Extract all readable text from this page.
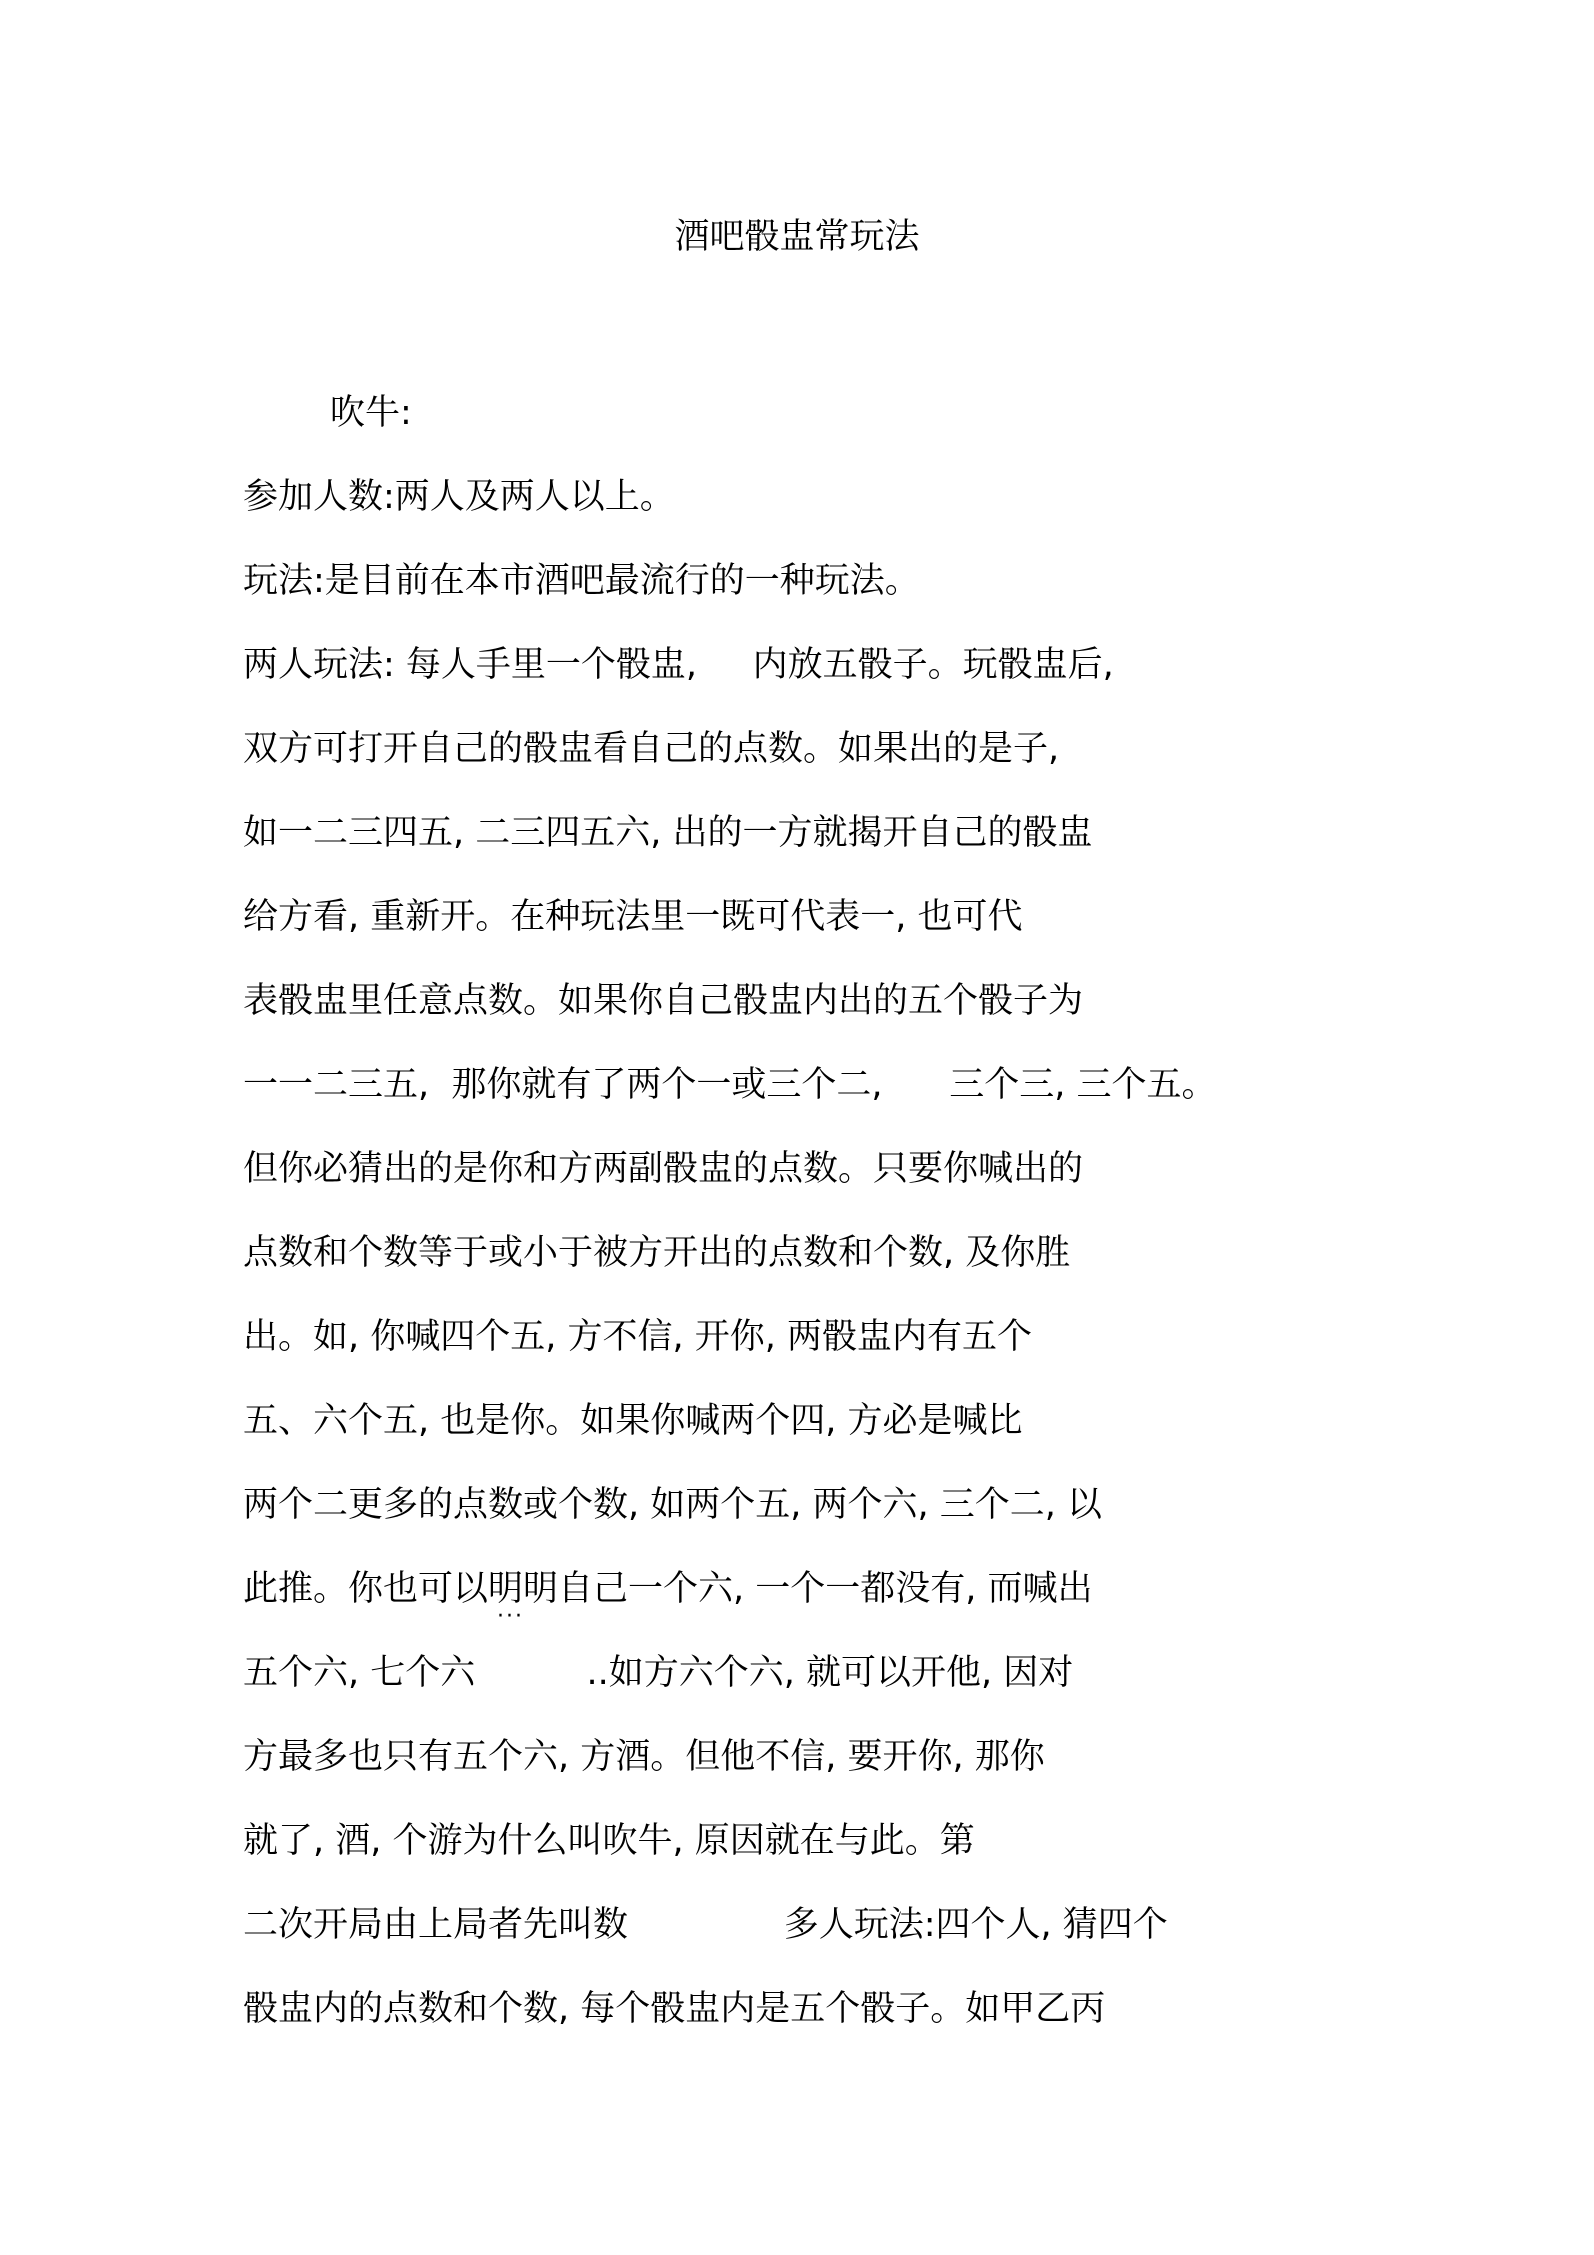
酒吧骰盅常玩法
吹牛:
参加人数:两人及两人以上。
玩法:是目前在本市酒吧最流行的一种玩法。
两人玩法: 每人手里一个骰盅,     内放五骰子。玩骰盅后,
双方可打开自己的骰盅看自己的点数。如果出的是子,
如一二三四五, 二三四五六, 出的一方就揭开自己的骰盅
给方看, 重新开。在种玩法里一既可代表一, 也可代
表骰盅里任意点数。如果你自己骰盅内出的五个骰子为
一一二三五,  那你就有了两个一或三个二,      三个三, 三个五。
但你必猜出的是你和方两副骰盅的点数。只要你喊出的
点数和个数等于或小于被方开出的点数和个数, 及你胜
出。如, 你喊四个五, 方不信, 开你, 两骰盅内有五个
五、六个五, 也是你。如果你喊两个四, 方必是喊比
两个二更多的点数或个数, 如两个五, 两个六, 三个二, 以
此推。你也可以明明自己一个六, 一个一都没有, 而喊出
···
五个六, 七个六          ..如方六个六, 就可以开他, 因对
方最多也只有五个六, 方酒。但他不信, 要开你, 那你
就了, 酒, 个游为什么叫吹牛, 原因就在与此。第
二次开局由上局者先叫数              多人玩法:四个人, 猜四个
骰盅内的点数和个数, 每个骰盅内是五个骰子。如甲乙丙
